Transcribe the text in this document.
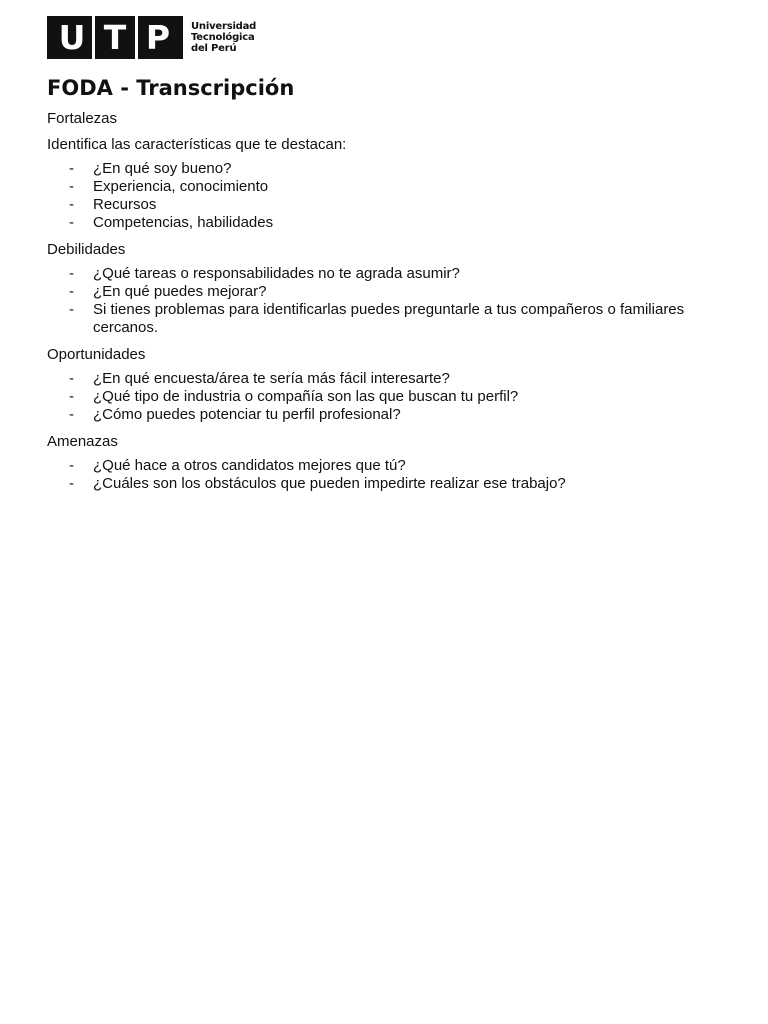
U T P	Universidad
Tecnológica
del Perú
FODA - Transcripción
Fortalezas
Identifica las características que te destacan:
- ¿En qué soy bueno?
- Experiencia, conocimiento
- Recursos
- Competencias, habilidades
Debilidades
- ¿Qué tareas o responsabilidades no te agrada asumir?
- ¿En qué puedes mejorar?
- Si tienes problemas para identificarlas puedes preguntarle a tus compañeros o familiares cercanos.
Oportunidades
- ¿En qué encuesta/área te sería más fácil interesarte?
- ¿Qué tipo de industria o compañía son las que buscan tu perfil?
- ¿Cómo puedes potenciar tu perfil profesional?
Amenazas
- ¿Qué hace a otros candidatos mejores que tú?
- ¿Cuáles son los obstáculos que pueden impedirte realizar ese trabajo?
